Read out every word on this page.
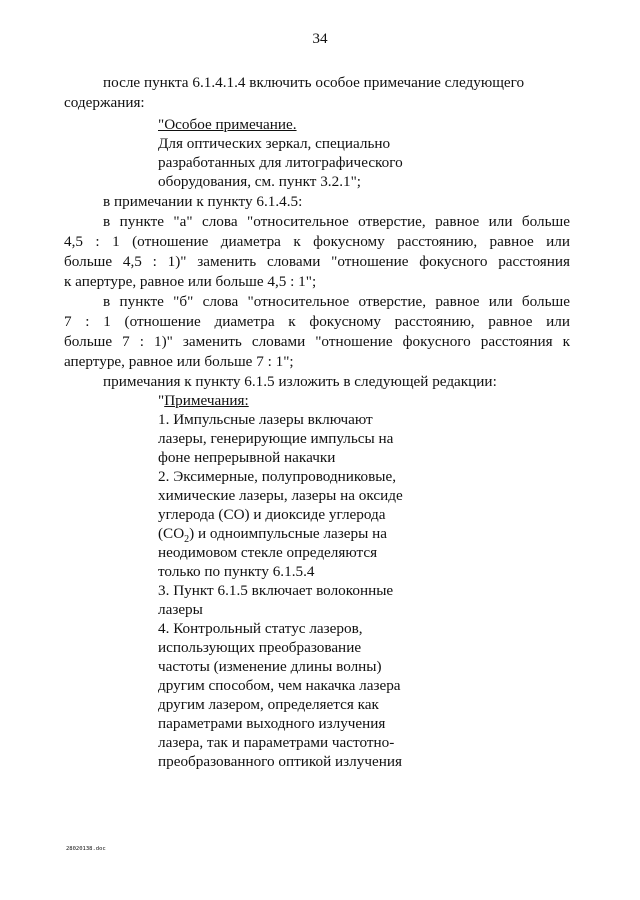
34
после пункта 6.1.4.1.4 включить особое примечание следующего
содержания:
"Особое примечание.
Для оптических зеркал, специально
разработанных для литографического
оборудования, см. пункт 3.2.1";
в примечании к пункту 6.1.4.5:
в пункте "а" слова "относительное отверстие, равное или больше
4,5 : 1 (отношение диаметра к фокусному расстоянию, равное или
больше 4,5 : 1)" заменить словами "отношение фокусного расстояния
к апертуре, равное или больше 4,5 : 1";
в пункте "б" слова "относительное отверстие, равное или больше
7 : 1 (отношение диаметра к фокусному расстоянию, равное или
больше 7 : 1)" заменить словами "отношение фокусного расстояния к
апертуре, равное или больше 7 : 1";
примечания к пункту 6.1.5 изложить в следующей редакции:
"Примечания:
1. Импульсные лазеры включают
лазеры, генерирующие импульсы на
фоне непрерывной накачки
2. Эксимерные, полупроводниковые,
химические лазеры, лазеры на оксиде
углерода (CO) и диоксиде углерода
$(CO_2)$ и одноимпульсные лазеры на
неодимовом стекле определяются
только по пункту 6.1.5.4
3. Пункт 6.1.5 включает волоконные
лазеры
4. Контрольный статус лазеров,
использующих преобразование
частоты (изменение длины волны)
другим способом, чем накачка лазера
другим лазером, определяется как
параметрами выходного излучения
лазера, так и параметрами частотно-
преобразованного оптикой излучения
28020138.doc
